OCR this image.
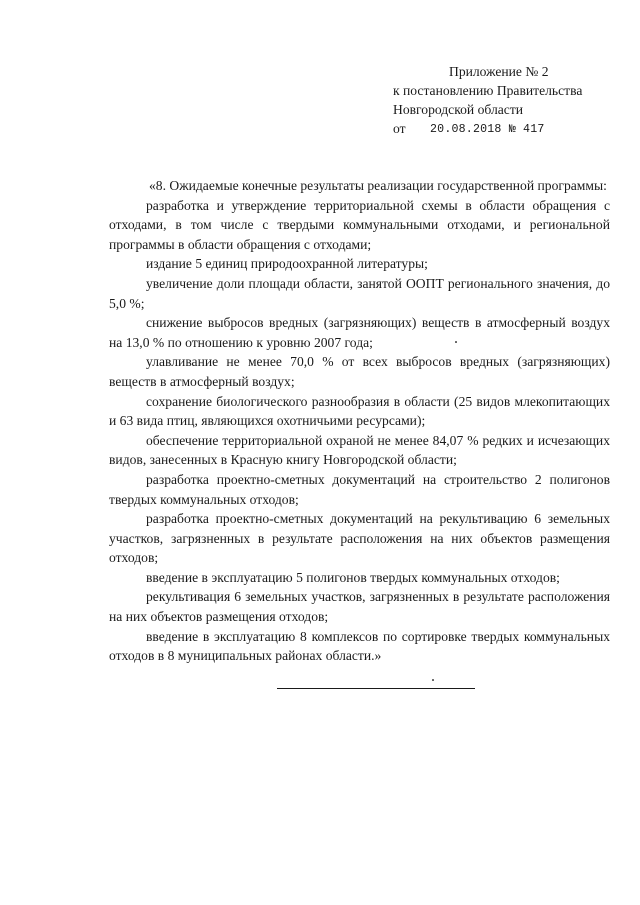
Приложение № 2
к постановлению Правительства
Новгородской области
от	20.08.2018 № 417

«8. Ожидаемые конечные результаты реализации государственной программы:

разработка и утверждение территориальной схемы в области обращения с отходами, в том числе с твердыми коммунальными отходами, и региональной программы в области обращения с отходами;

издание 5 единиц природоохранной литературы;

увеличение доли площади области, занятой ООПТ регионального значения, до 5,0 %;

снижение выбросов вредных (загрязняющих) веществ в атмосферный воздух на 13,0 % по отношению к уровню 2007 года;

улавливание не менее 70,0 % от всех выбросов вредных (загрязняющих) веществ в атмосферный воздух;

сохранение биологического разнообразия в области (25 видов млекопитающих и 63 вида птиц, являющихся охотничьими ресурсами);

обеспечение территориальной охраной не менее 84,07 % редких и исчезающих видов, занесенных в Красную книгу Новгородской области;

разработка проектно-сметных документаций на строительство 2 полигонов твердых коммунальных отходов;

разработка проектно-сметных документаций на рекультивацию 6 земельных участков, загрязненных в результате расположения на них объектов размещения отходов;

введение в эксплуатацию 5 полигонов твердых коммунальных отходов;

рекультивация 6 земельных участков, загрязненных в результате расположения на них объектов размещения отходов;

введение в эксплуатацию 8 комплексов по сортировке твердых коммунальных отходов в 8 муниципальных районах области.»
